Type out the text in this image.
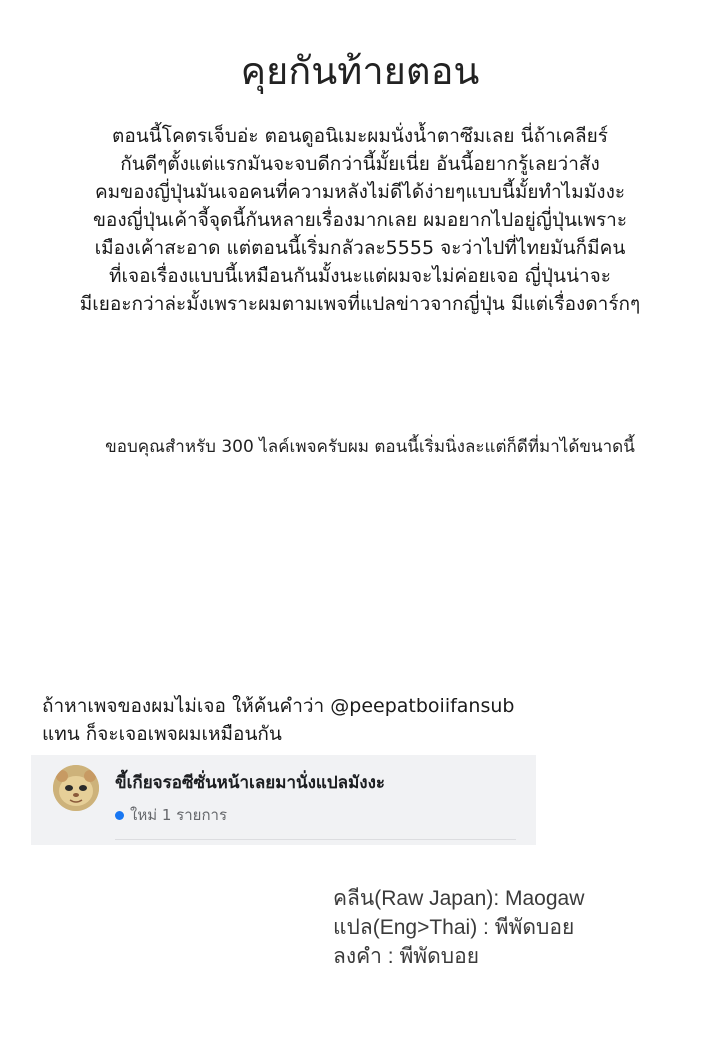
คุยกันท้ายตอน
ตอนนี้โคตรเจ็บอ่ะ ตอนดูอนิเมะผมนั่งน้ำตาซึมเลย นี่ถ้าเคลียร์
กันดีๆตั้งแต่แรกมันจะจบดีกว่านี้มั้ยเนี่ย อันนี้อยากรู้เลยว่าสัง
คมของญี่ปุ่นมันเจอคนที่ความหลังไม่ดีได้ง่ายๆแบบนี้มั้ยทำไมมังงะ
ของญี่ปุ่นเค้าจี้จุดนี้กันหลายเรื่องมากเลย ผมอยากไปอยู่ญี่ปุ่นเพราะ
เมืองเค้าสะอาด แต่ตอนนี้เริ่มกลัวละ5555 จะว่าไปที่ไทยมันก็มีคน
ที่เจอเรื่องแบบนี้เหมือนกันมั้งนะแต่ผมจะไม่ค่อยเจอ ญี่ปุ่นน่าจะ
มีเยอะกว่าล่ะมั้งเพราะผมตามเพจที่แปลข่าวจากญี่ปุ่น มีแต่เรื่องดาร์กๆ
ขอบคุณสำหรับ 300 ไลค์เพจครับผม ตอนนี้เริ่มนิ่งละแต่ก็ดีที่มาได้ขนาดนี้
ถ้าหาเพจของผมไม่เจอ ให้ค้นคำว่า @peepatboiifansub
แทน ก็จะเจอเพจผมเหมือนกัน
ขี้เกียจรอซีซั่นหน้าเลยมานั่งแปลมังงะ
ใหม่ 1 รายการ
คลีน(Raw Japan): Maogaw
แปล(Eng>Thai) : พีพัดบอย
ลงคำ : พีพัดบอย
